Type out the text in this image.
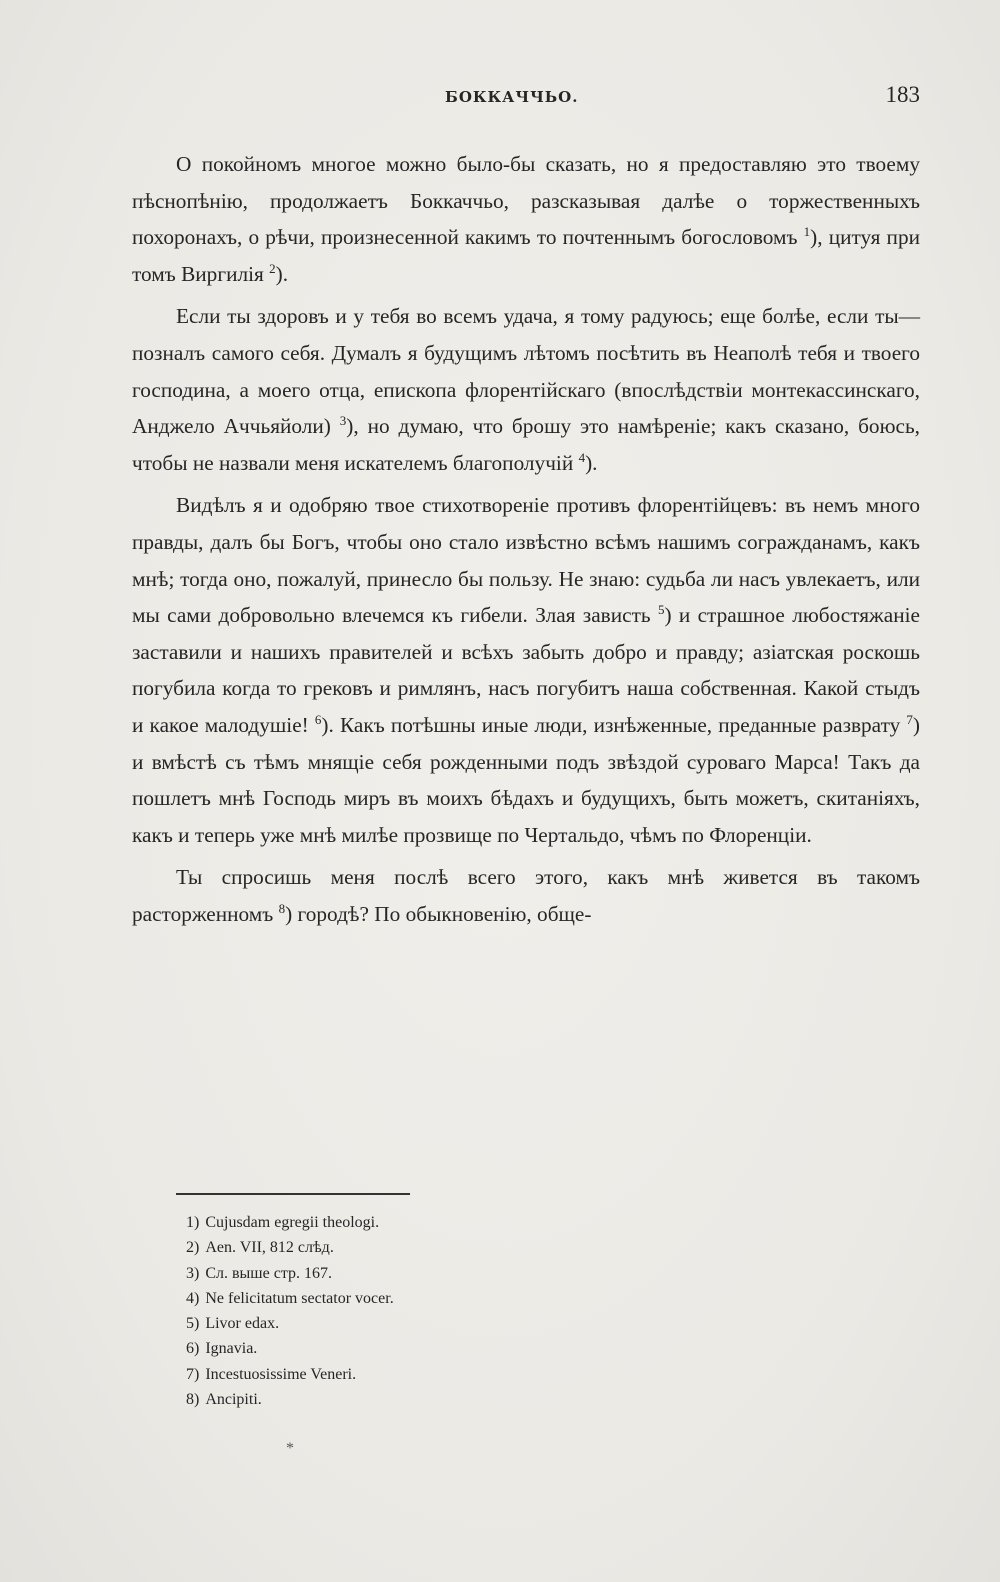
БОККАЧЧЬО.	183

О покойномъ многое можно было-бы сказать, но я предоставляю это твоему пѣснопѣнію, продолжаетъ Боккаччьо, разсказывая далѣе о торжественныхъ похоронахъ, о рѣчи, произнесенной какимъ то почтеннымъ богословомъ $^1$), цитуя при томъ Виргилія $^2$).

Если ты здоровъ и у тебя во всемъ удача, я тому радуюсь; еще болѣе, если ты—позналъ самого себя. Думалъ я будущимъ лѣтомъ посѣтить въ Неаполѣ тебя и твоего господина, а моего отца, епископа флорентійскаго (впослѣдствіи монтекассинскаго, Анджело Аччьяйоли) $^3$), но думаю, что брошу это намѣреніе; какъ сказано, боюсь, чтобы не назвали меня искателемъ благополучій $^4$).

Видѣлъ я и одобряю твое стихотвореніе противъ флорентійцевъ: въ немъ много правды, далъ бы Богъ, чтобы оно стало извѣстно всѣмъ нашимъ согражданамъ, какъ мнѣ; тогда оно, пожалуй, принесло бы пользу. Не знаю: судьба ли насъ увлекаетъ, или мы сами добровольно влечемся къ гибели. Злая зависть $^5$) и страшное любостяжаніе заставили и нашихъ правителей и всѣхъ забыть добро и правду; азіатская роскошь погубила когда то грековъ и римлянъ, насъ погубитъ наша собственная. Какой стыдъ и какое малодушіе! $^6$). Какъ потѣшны иные люди, изнѣженные, преданные разврату $^7$) и вмѣстѣ съ тѣмъ мнящіе себя рожденными подъ звѣздой суроваго Марса! Такъ да пошлетъ мнѣ Господь миръ въ моихъ бѣдахъ и будущихъ, быть можетъ, скитаніяхъ, какъ и теперь уже мнѣ милѣе прозвище по Чертальдо, чѣмъ по Флоренціи.

Ты спросишь меня послѣ всего этого, какъ мнѣ живется въ такомъ расторженномъ $^8$) городѣ? По обыкновенію, обще-

1) Cujusdam egregii theologi.
2) Aen. VII, 812 слѣд.
3) Сл. выше стр. 167.
4) Ne felicitatum sectator vocer.
5) Livor edax.
6) Ignavia.
7) Incestuosissime Veneri.
8) Ancipiti.
*
